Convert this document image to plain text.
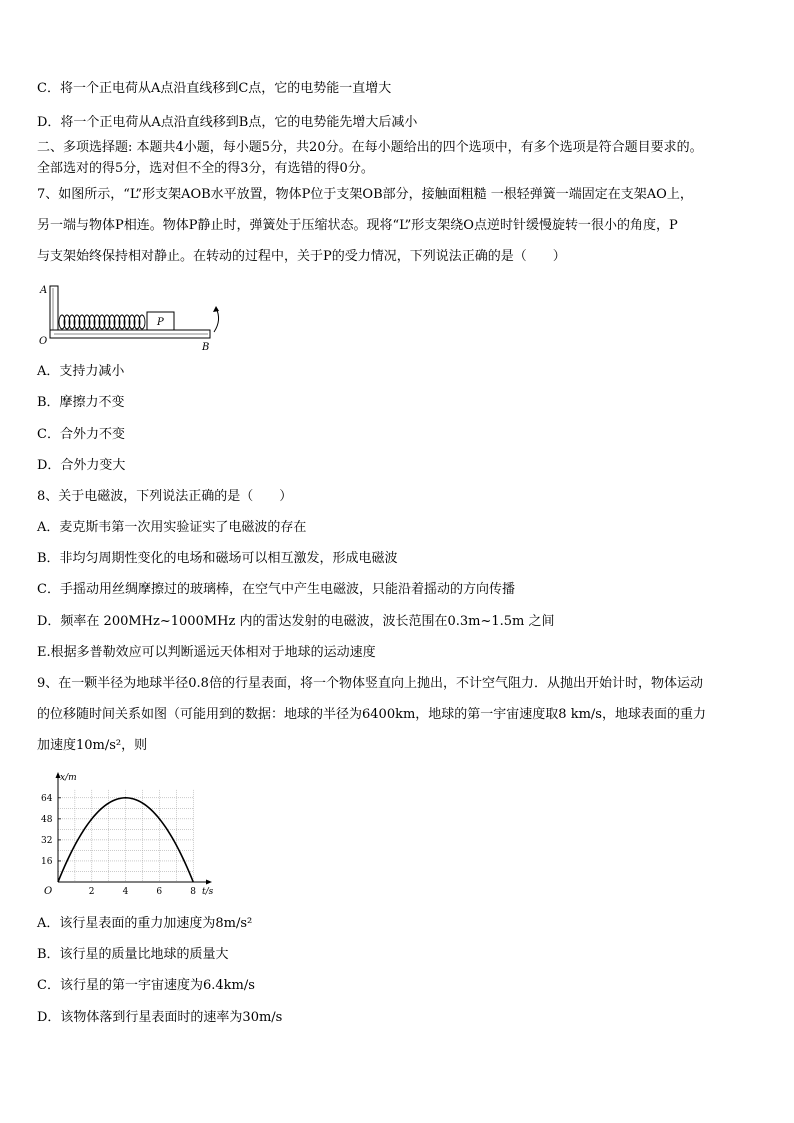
C．将一个正电荷从A点沿直线移到C点，它的电势能一直增大
D．将一个正电荷从A点沿直线移到B点，它的电势能先增大后减小
二、多项选择题: 本题共4小题，每小题5分，共20分。在每小题给出的四个选项中，有多个选项是符合题目要求的。
全部选对的得5分，选对但不全的得3分，有选错的得0分。
7、如图所示，“L”形支架AOB水平放置，物体P位于支架OB部分，接触面粗糙 一根轻弹簧一端固定在支架AO上，
另一端与物体P相连。物体P静止时，弹簧处于压缩状态。现将“L”形支架绕O点逆时针缓慢旋转一很小的角度，P
与支架始终保持相对静止。在转动的过程中，关于P的受力情况，下列说法正确的是（　　）
P
A
O
B
A．支持力减小
B．摩擦力不变
C．合外力不变
D．合外力变大
8、关于电磁波，下列说法正确的是（　　）
A．麦克斯韦第一次用实验证实了电磁波的存在
B．非均匀周期性变化的电场和磁场可以相互激发，形成电磁波
C．手摇动用丝绸摩擦过的玻璃棒，在空气中产生电磁波，只能沿着摇动的方向传播
D．频率在 200MHz~1000MHz 内的雷达发射的电磁波，波长范围在0.3m~1.5m 之间
E.根据多普勒效应可以判断遥远天体相对于地球的运动速度
9、在一颗半径为地球半径0.8倍的行星表面，将一个物体竖直向上抛出，不计空气阻力．从抛出开始计时，物体运动
的位移随时间关系如图（可能用到的数据：地球的半径为6400km，地球的第一宇宙速度取8 km/s，地球表面的重力
加速度10m/s²，则
2	4	6	8
16
32
48
64
O	t/s
x/m
A．该行星表面的重力加速度为8m/s²
B．该行星的质量比地球的质量大
C．该行星的第一宇宙速度为6.4km/s
D．该物体落到行星表面时的速率为30m/s
